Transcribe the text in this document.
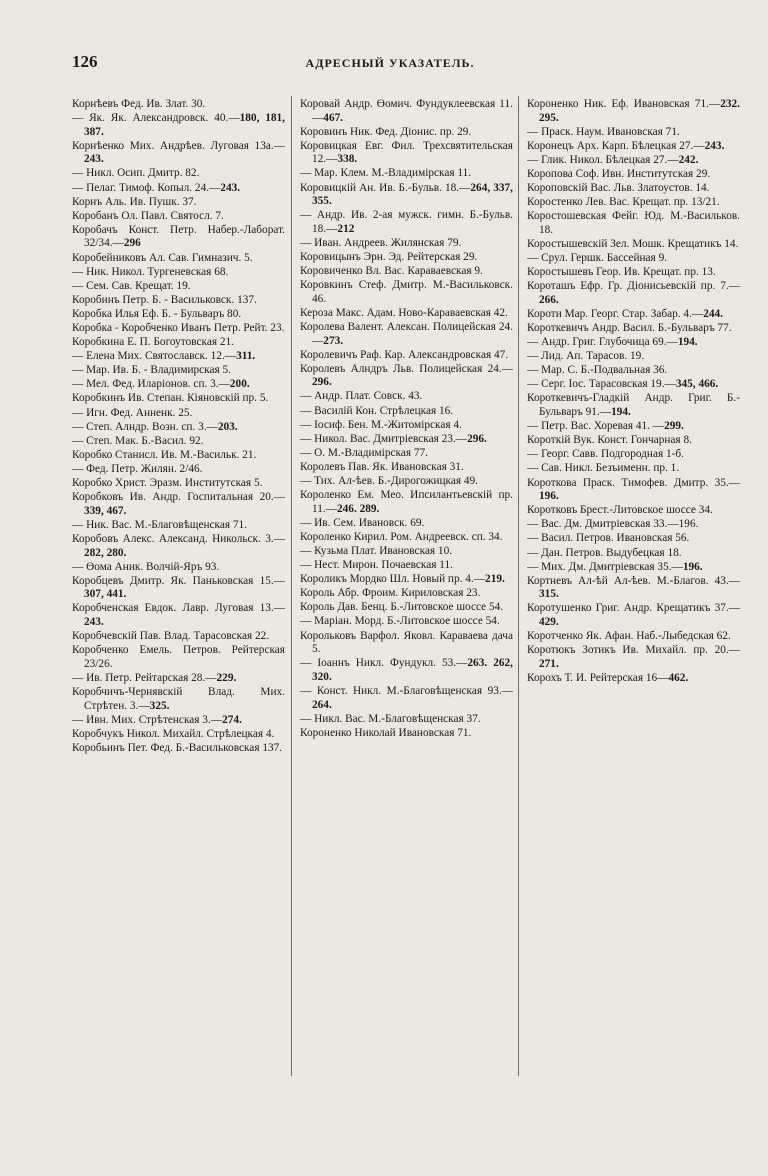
126	АДРЕСНЫЙ УКАЗАТЕЛЬ.
Корнѣевъ Фед. Ив. Злат. 30.
— Як. Як. Александровск. 40.—180, 181, 387.
Корнѣенко Мих. Андрѣев. Луговая 13а.—243.
— Никл. Осип. Дмитр. 82.
— Пелаг. Тимоф. Копыл. 24.—243.
Корнъ Аль. Ив. Пушк. 37.
Коробанъ Ол. Павл. Святосл. 7.
Коробачъ Конст. Петр. Набер.-Лаборат. 32/34.—296
Коробейниковъ Ал. Сав. Гимназич. 5.
— Ник. Никол. Тургеневская 68.
— Сем. Сав. Крещат. 19.
Коробинъ Петр. Б. - Васильковск. 137.
Коробка Илья Еф. Б. - Бульваръ 80.
Коробка - Коробченко Иванъ Петр. Рейт. 23.
Коробкина Е. П. Богоутовская 21.
— Елена Мих. Святославск. 12.—311.
— Мар. Ив. Б. - Владимирская 5.
— Мел. Фед. Иларіонов. сп. 3.—200.
Коробкинъ Ив. Степан. Кіяновскій пр. 5.
— Игн. Фед. Анненк. 25.
— Степ. Алндр. Возн. сп. 3.—203.
— Степ. Мак. Б.-Васил. 92.
Коробко Станисл. Ив. М.-Васильк. 21.
— Фед. Петр. Жилян. 2/46.
Коробко Христ. Эразм. Институтская 5.
Коробковъ Ив. Андр. Госпитальная 20.—339, 467.
— Ник. Вас. М.-Благовѣщенская 71.
Коробовъ Алекс. Александ. Никольск. 3.—282, 280.
— Өома Аник. Волчій-Яръ 93.
Коробцевъ Дмитр. Як. Паньковская 15.—307, 441.
Коробченская Евдок. Лавр. Луговая 13.—243.
Коробчевскій Пав. Влад. Тарасовская 22.
Коробченко Емель. Петров. Рейтерская 23/26.
— Ив. Петр. Рейтарская 28.—229.
Коробчичъ-Чернявскій Влад. Мих. Стрѣтен. 3.—325.
— Ивн. Мих. Стрѣтенская 3.—274.
Коробчукъ Никол. Михайл. Стрѣлецкая 4.
Коробьинъ Пет. Фед. Б.-Васильковская 137.
Коровай Андр. Өомич. Фундуклеевская 11.—467.
Коровинъ Ник. Фед. Діонис. пр. 29.
Коровицкая Евг. Фил. Трехсвятительская 12.—338.
— Мар. Клем. М.-Владимірская 11.
Коровицкій Ан. Ив. Б.-Бульв. 18.—264, 337, 355.
— Андр. Ив. 2-ая мужск. гимн. Б.-Бульв. 18.—212
— Иван. Андреев. Жилянская 79.
Коровицынъ Эрн. Эд. Рейтерская 29.
Коровиченко Вл. Вас. Караваевская 9.
Коровкинъ Стеф. Дмитр. М.-Васильковск. 46.
Кероза Макс. Адам. Ново-Караваевская 42.
Королева Валент. Алексан. Полицейская 24.—273.
Королевичъ Раф. Кар. Александровская 47.
Королевъ Алндръ Льв. Полицейская 24.—296.
— Андр. Плат. Совск. 43.
— Василій Кон. Стрѣлецкая 16.
— Іосиф. Бен. М.-Житомірская 4.
— Никол. Вас. Дмитріевская 23.—296.
— О. М.-Владимірская 77.
Королевъ Пав. Як. Ивановская 31.
— Тих. Ал-ѣев. Б.-Дирогожицкая 49.
Короленко Ем. Мео. Ипсилантьевскій пр. 11.—246. 289.
— Ив. Сем. Ивановск. 69.
Короленко Кирил. Ром. Андреевск. сп. 34.
— Кузьма Плат. Ивановская 10.
— Нест. Мирон. Почаевская 11.
Короликъ Мордко Шл. Новый пр. 4.—219.
Король Абр. Фроим. Кириловская 23.
Король Дав. Бенц. Б.-Литовское шоссе 54.
— Маріан. Морд. Б.-Литовское шоссе 54.
Корольковъ Варфол. Яковл. Караваева дача 5.
— Іоаннъ Никл. Фундукл. 53.—263. 262, 320.
— Конст. Никл. М.-Благовѣщенская 93.—264.
— Никл. Вас. М.-Благовѣщенская 37.
Короненко Николай Ивановская 71.
Короненко Ник. Еф. Ивановская 71.—232. 295.
— Праск. Наум. Ивановская 71.
Коронецъ Арх. Карп. Бѣлецкая 27.—243.
— Глик. Никол. Бѣлецкая 27.—242.
Коропова Соф. Ивн. Институтская 29.
Короповскій Вас. Льв. Златоустов. 14.
Коростенко Лев. Вас. Крещат. пр. 13/21.
Коростошевская Фейг. Юд. М.-Васильков. 18.
Коростышевскій Зел. Мошк. Крещатикъ 14.
— Срул. Гершк. Бассейная 9.
Коростышевъ Геор. Ив. Крещат. пр. 13.
Короташъ Ефр. Гр. Діонисьевскій пр. 7.—266.
Короти Мар. Георг. Стар. Забар. 4.—244.
Короткевичъ Андр. Васил. Б.-Бульваръ 77.
— Андр. Григ. Глубочица 69.—194.
— Лид. Ап. Тарасов. 19.
— Мар. С. Б.-Подвальная 36.
— Серг. Іос. Тарасовская 19.—345, 466.
Короткевичъ-Гладкій Андр. Григ. Б.-Бульваръ 91.—194.
— Петр. Вас. Хоревая 41. —299.
Короткій Вук. Конст. Гончарная 8.
— Георг. Савв. Подгородная 1-б.
— Сав. Никл. Безъименн. пр. 1.
Короткова Праск. Тимофев. Дмитр. 35.—196.
Коротковъ Брест.-Литовское шоссе 34.
— Вас. Дм. Дмитріевская 33.—196.
— Васил. Петров. Ивановская 56.
— Дан. Петров. Выдубецкая 18.
— Мих. Дм. Дмитріевская 35.—196.
Кортневъ Ал-ѣй Ал-ѣев. М.-Благов. 43.—315.
Коротушенко Григ. Андр. Крещатикъ 37.—429.
Коротченко Як. Афан. Наб.-Лыбедская 62.
Коротюкъ Зотикъ Ив. Михайл. пр. 20.—271.
Корохъ Т. И. Рейтерская 16—462.
